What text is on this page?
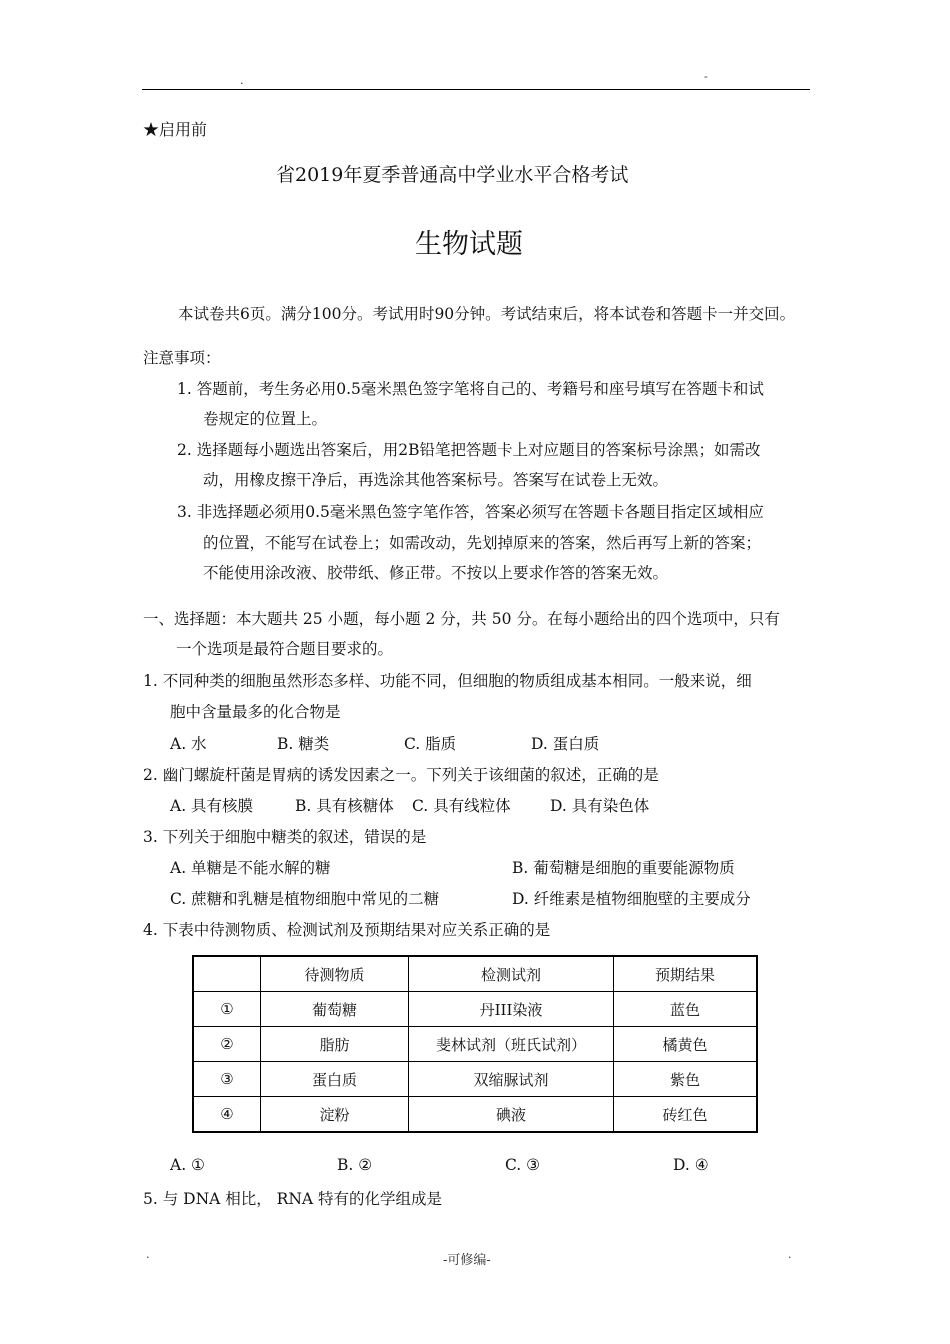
.	-
★启用前
省2019年夏季普通高中学业水平合格考试
生物试题
本试卷共6页。满分100分。考试用时90分钟。考试结束后，将本试卷和答题卡一并交回。
注意事项：
1. 答题前，考生务必用0.5毫米黑色签字笔将自己的、考籍号和座号填写在答题卡和试
卷规定的位置上。
2. 选择题每小题选出答案后，用2B铅笔把答题卡上对应题目的答案标号涂黑；如需改
动，用橡皮擦干净后，再选涂其他答案标号。答案写在试卷上无效。
3. 非选择题必须用0.5毫米黑色签字笔作答，答案必须写在答题卡各题目指定区域相应
的位置，不能写在试卷上；如需改动，先划掉原来的答案，然后再写上新的答案；
不能使用涂改液、胶带纸、修正带。不按以上要求作答的答案无效。
一、选择题：本大题共 25 小题，每小题 2 分，共 50 分。在每小题给出的四个选项中，只有
一个选项是最符合题目要求的。
1. 不同种类的细胞虽然形态多样、功能不同，但细胞的物质组成基本相同。一般来说，细
胞中含量最多的化合物是
A. 水	B. 糖类	C. 脂质	D. 蛋白质
2. 幽门螺旋杆菌是胃病的诱发因素之一。下列关于该细菌的叙述，正确的是
A. 具有核膜	B. 具有核糖体 C. 具有线粒体	D. 具有染色体
3. 下列关于细胞中糖类的叙述，错误的是
A. 单糖是不能水解的糖	B. 葡萄糖是细胞的重要能源物质
C. 蔗糖和乳糖是植物细胞中常见的二糖	D. 纤维素是植物细胞壁的主要成分
4. 下表中待测物质、检测试剂及预期结果对应关系正确的是
	待测物质	检测试剂	预期结果
①	葡萄糖	丹III染液	蓝色
②	脂肪	斐林试剂（班氏试剂）	橘黄色
③	蛋白质	双缩脲试剂	紫色
④	淀粉	碘液	砖红色
A. ①	B. ②	C. ③	D. ④
5. 与 DNA 相比， RNA 特有的化学组成是
.	-可修编-	.
